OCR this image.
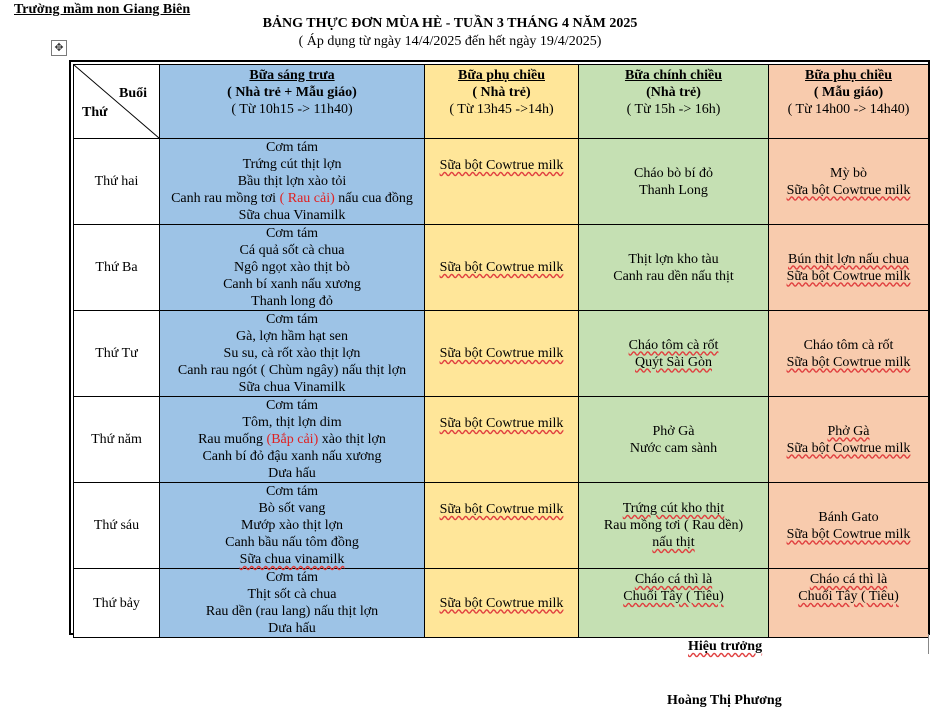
Trường mầm non Giang Biên
BẢNG THỰC ĐƠN MÙA HÈ - TUẦN 3 THÁNG 4 NĂM 2025
( Áp dụng từ ngày 14/4/2025 đến hết ngày 19/4/2025)
✥
Buổi
Thứ	Bữa sáng trưa
( Nhà trẻ + Mẫu giáo)
( Từ 10h15 -> 11h40)	Bữa phụ chiều
( Nhà trẻ)
( Từ 13h45 ->14h)	Bữa chính chiều
(Nhà trẻ)
( Từ 15h -> 16h)	Bữa phụ chiều
( Mẫu giáo)
( Từ 14h00 -> 14h40)

Thứ hai	Cơm tám
Trứng cút thịt lợn
Bầu thịt lợn xào tỏi
Canh rau mồng tơi ( Rau cải) nấu cua đồng
Sữa chua Vinamilk	Sữa bột Cowtrue milk	Cháo bò bí đỏ
Thanh Long	Mỳ bò
Sữa bột Cowtrue milk

Thứ Ba	Cơm tám
Cá quả sốt cà chua
Ngô ngọt xào thịt bò
Canh bí xanh nấu xương
Thanh long đỏ	Sữa bột Cowtrue milk	Thịt lợn kho tàu
Canh rau dền nấu thịt	Bún thịt lợn nấu chua
Sữa bột Cowtrue milk

Thứ Tư	Cơm tám
Gà, lợn hầm hạt sen
Su su, cà rốt xào thịt lợn
Canh rau ngót ( Chùm ngây) nấu thịt lợn
Sữa chua Vinamilk	Sữa bột Cowtrue milk	Cháo tôm cà rốt
Quýt Sài Gòn	Cháo tôm cà rốt
Sữa bột Cowtrue milk

Thứ năm	Cơm tám
Tôm, thịt lợn dim
Rau muống (Bắp cải) xào thịt lợn
Canh bí đỏ đậu xanh nấu xương
Dưa hấu	Sữa bột Cowtrue milk	Phở Gà
Nước cam sành	Phở Gà
Sữa bột Cowtrue milk

Thứ sáu	Cơm tám
Bò sốt vang
Mướp xào thịt lợn
Canh bầu nấu tôm đồng
Sữa chua vinamilk	Sữa bột Cowtrue milk	Trứng cút kho thịt
Rau mồng tơi ( Rau dền)
nấu thịt	Bánh Gato
Sữa bột Cowtrue milk

Thứ bảy	Cơm tám
Thịt sốt cà chua
Rau dền (rau lang) nấu thịt lợn
Dưa hấu	Sữa bột Cowtrue milk	Cháo cá thì là
Chuối Tây ( Tiêu)	Cháo cá thì là
Chuối Tây ( Tiêu)
Hiệu trưởng
Hoàng Thị Phương
